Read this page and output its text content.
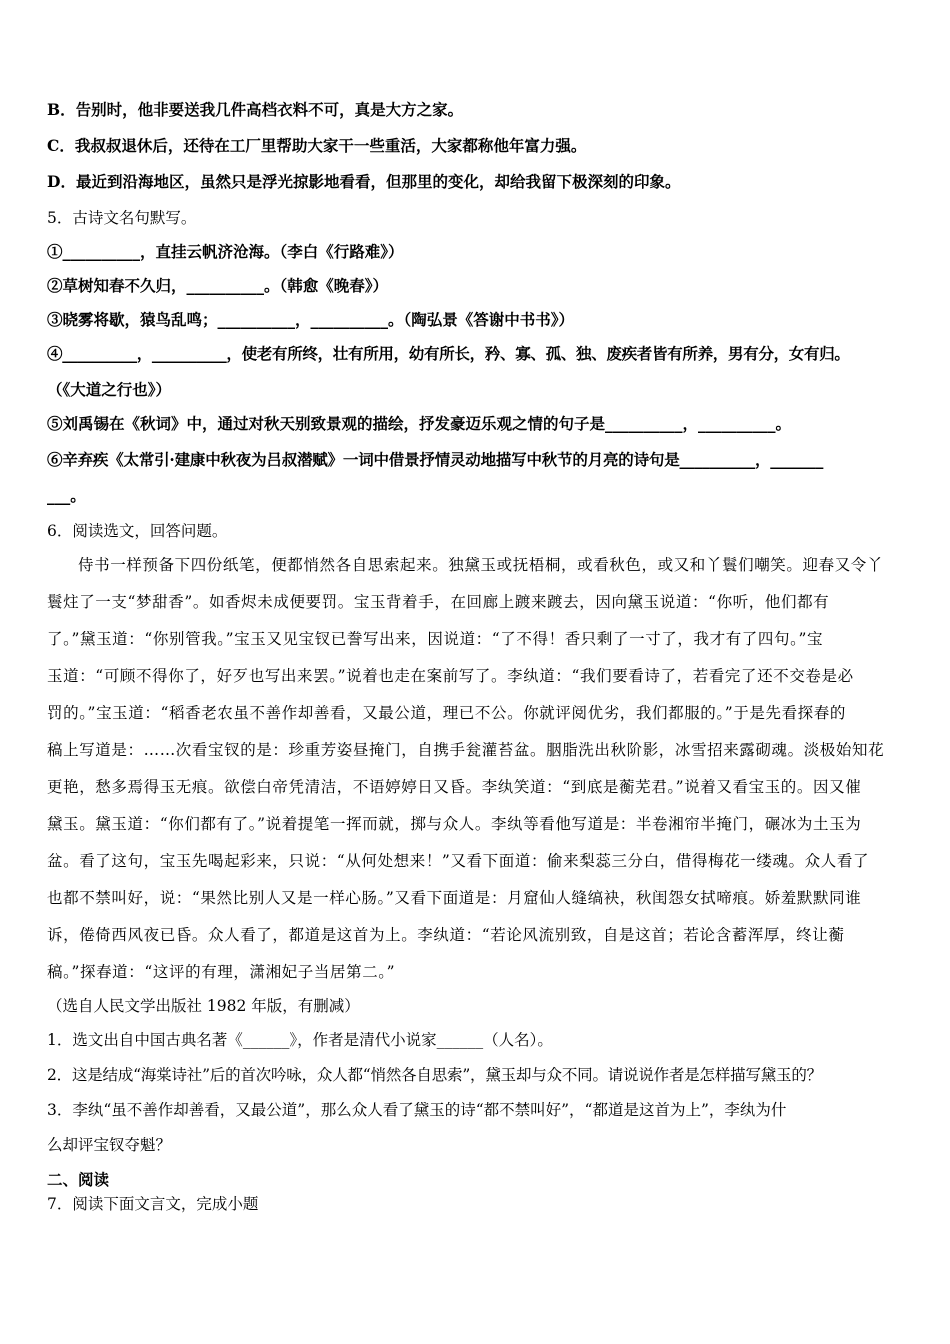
B．告别时，他非要送我几件高档衣料不可，真是大方之家。
C．我叔叔退休后，还待在工厂里帮助大家干一些重活，大家都称他年富力强。
D．最近到沿海地区，虽然只是浮光掠影地看看，但那里的变化，却给我留下极深刻的印象。
5．古诗文名句默写。
①__________，直挂云帆济沧海。（李白《行路难》）
②草树知春不久归，__________。（韩愈《晚春》）
③晓雾将歇，猿鸟乱鸣；__________，__________。（陶弘景《答谢中书书》）
④__________，__________，使老有所终，壮有所用，幼有所长，矜、寡、孤、独、废疾者皆有所养，男有分，女有归。
（《大道之行也》）
⑤刘禹锡在《秋词》中，通过对秋天别致景观的描绘，抒发豪迈乐观之情的句子是__________，__________。
⑥辛弃疾《太常引·建康中秋夜为吕叔潜赋》一词中借景抒情灵动地描写中秋节的月亮的诗句是__________，_______
___。
6．阅读选文，回答问题。
侍书一样预备下四份纸笔，便都悄然各自思索起来。独黛玉或抚梧桐，或看秋色，或又和丫鬟们嘲笑。迎春又令丫
鬟炷了一支“梦甜香”。如香烬未成便要罚。宝玉背着手，在回廊上踱来踱去，因向黛玉说道：“你听，他们都有
了。”黛玉道：“你别管我。”宝玉又见宝钗已誊写出来，因说道：“了不得！香只剩了一寸了，我才有了四句。”宝
玉道：“可顾不得你了，好歹也写出来罢。”说着也走在案前写了。李纨道：“我们要看诗了，若看完了还不交卷是必
罚的。”宝玉道：“稻香老农虽不善作却善看，又最公道，理已不公。你就评阅优劣，我们都服的。”于是先看探春的
稿上写道是：……次看宝钗的是：珍重芳姿昼掩门，自携手瓮灌苔盆。胭脂洗出秋阶影，冰雪招来露砌魂。淡极始知花
更艳，愁多焉得玉无痕。欲偿白帝凭清洁，不语婷婷日又昏。李纨笑道：“到底是蘅芜君。”说着又看宝玉的。因又催
黛玉。黛玉道：“你们都有了。”说着提笔一挥而就，掷与众人。李纨等看他写道是：半卷湘帘半掩门，碾冰为土玉为
盆。看了这句，宝玉先喝起彩来，只说：“从何处想来！”又看下面道：偷来梨蕊三分白，借得梅花一缕魂。众人看了
也都不禁叫好，说：“果然比别人又是一样心肠。”又看下面道是：月窟仙人缝缟袂，秋闺怨女拭啼痕。娇羞默默同谁
诉，倦倚西风夜已昏。众人看了，都道是这首为上。李纨道：“若论风流别致，自是这首；若论含蓄浑厚，终让蘅
稿。”探春道：“这评的有理，潇湘妃子当居第二。”
（选自人民文学出版社 1982 年版，有删减）
1．选文出自中国古典名著《______》，作者是清代小说家______（人名）。
2．这是结成“海棠诗社”后的首次吟咏，众人都“悄然各自思索”，黛玉却与众不同。请说说作者是怎样描写黛玉的？
3．李纨“虽不善作却善看，又最公道”，那么众人看了黛玉的诗“都不禁叫好”，“都道是这首为上”，李纨为什
么却评宝钗夺魁？
二、阅读
7．阅读下面文言文，完成小题
